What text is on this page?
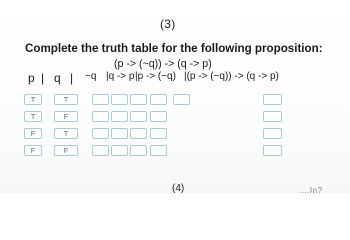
(3)
Complete the truth table for the following proposition:
(p -> (~q)) -> (q -> p)
p | q | ~q |q -> p |p -> (~q) |(p -> (~q)) -> (q -> p)
T	T
T	F
F	T
F	F
(4)	....In?
